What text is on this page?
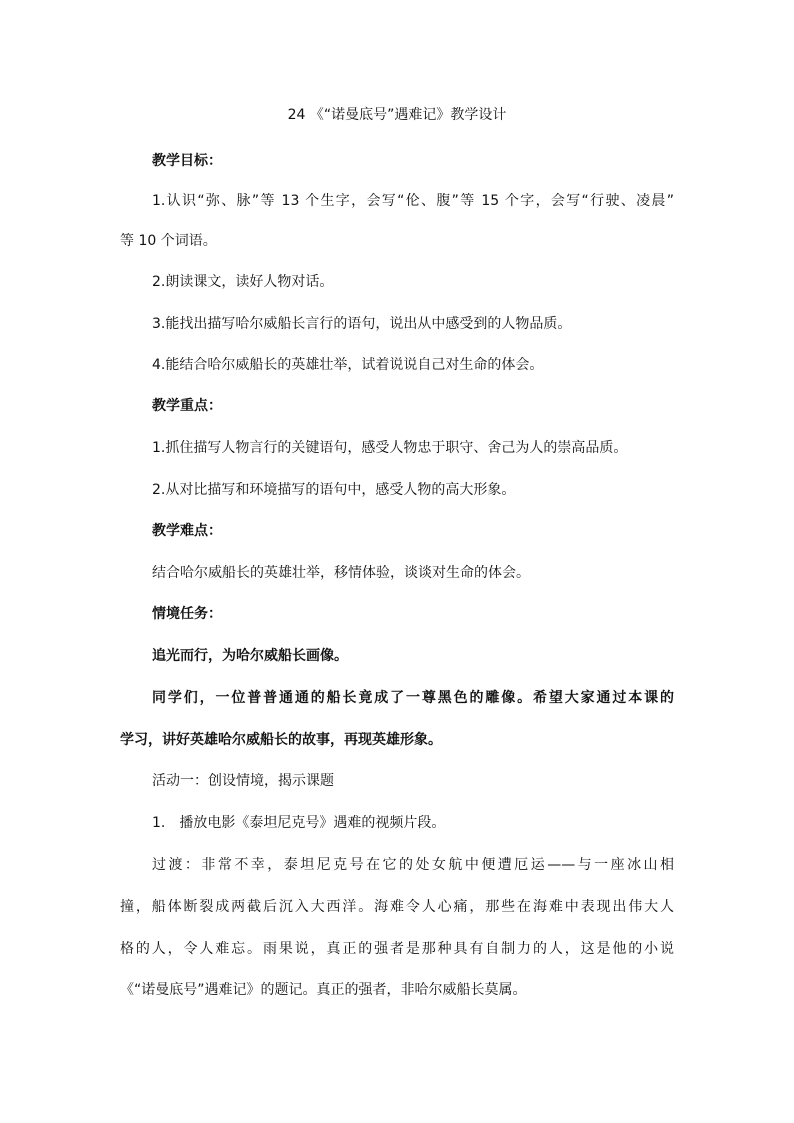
24 《“诺曼底号”遇难记》教学设计
教学目标：
1.认识“弥、脉”等 13 个生字，会写“伦、腹”等 15 个字，会写“行驶、凌晨”
等 10 个词语。
2.朗读课文，读好人物对话。
3.能找出描写哈尔威船长言行的语句，说出从中感受到的人物品质。
4.能结合哈尔威船长的英雄壮举，试着说说自己对生命的体会。
教学重点：
1.抓住描写人物言行的关键语句，感受人物忠于职守、舍己为人的崇高品质。
2.从对比描写和环境描写的语句中，感受人物的高大形象。
教学难点：
结合哈尔威船长的英雄壮举，移情体验，谈谈对生命的体会。
情境任务：
追光而行，为哈尔威船长画像。
同学们，一位普普通通的船长竟成了一尊黑色的雕像。希望大家通过本课的
学习，讲好英雄哈尔威船长的故事，再现英雄形象。
活动一：创设情境，揭示课题
1.　播放电影《泰坦尼克号》遇难的视频片段。
过渡：非常不幸，泰坦尼克号在它的处女航中便遭厄运——与一座冰山相
撞，船体断裂成两截后沉入大西洋。海难令人心痛，那些在海难中表现出伟大人
格的人，令人难忘。雨果说，真正的强者是那种具有自制力的人，这是他的小说
《“诺曼底号”遇难记》的题记。真正的强者，非哈尔威船长莫属。
